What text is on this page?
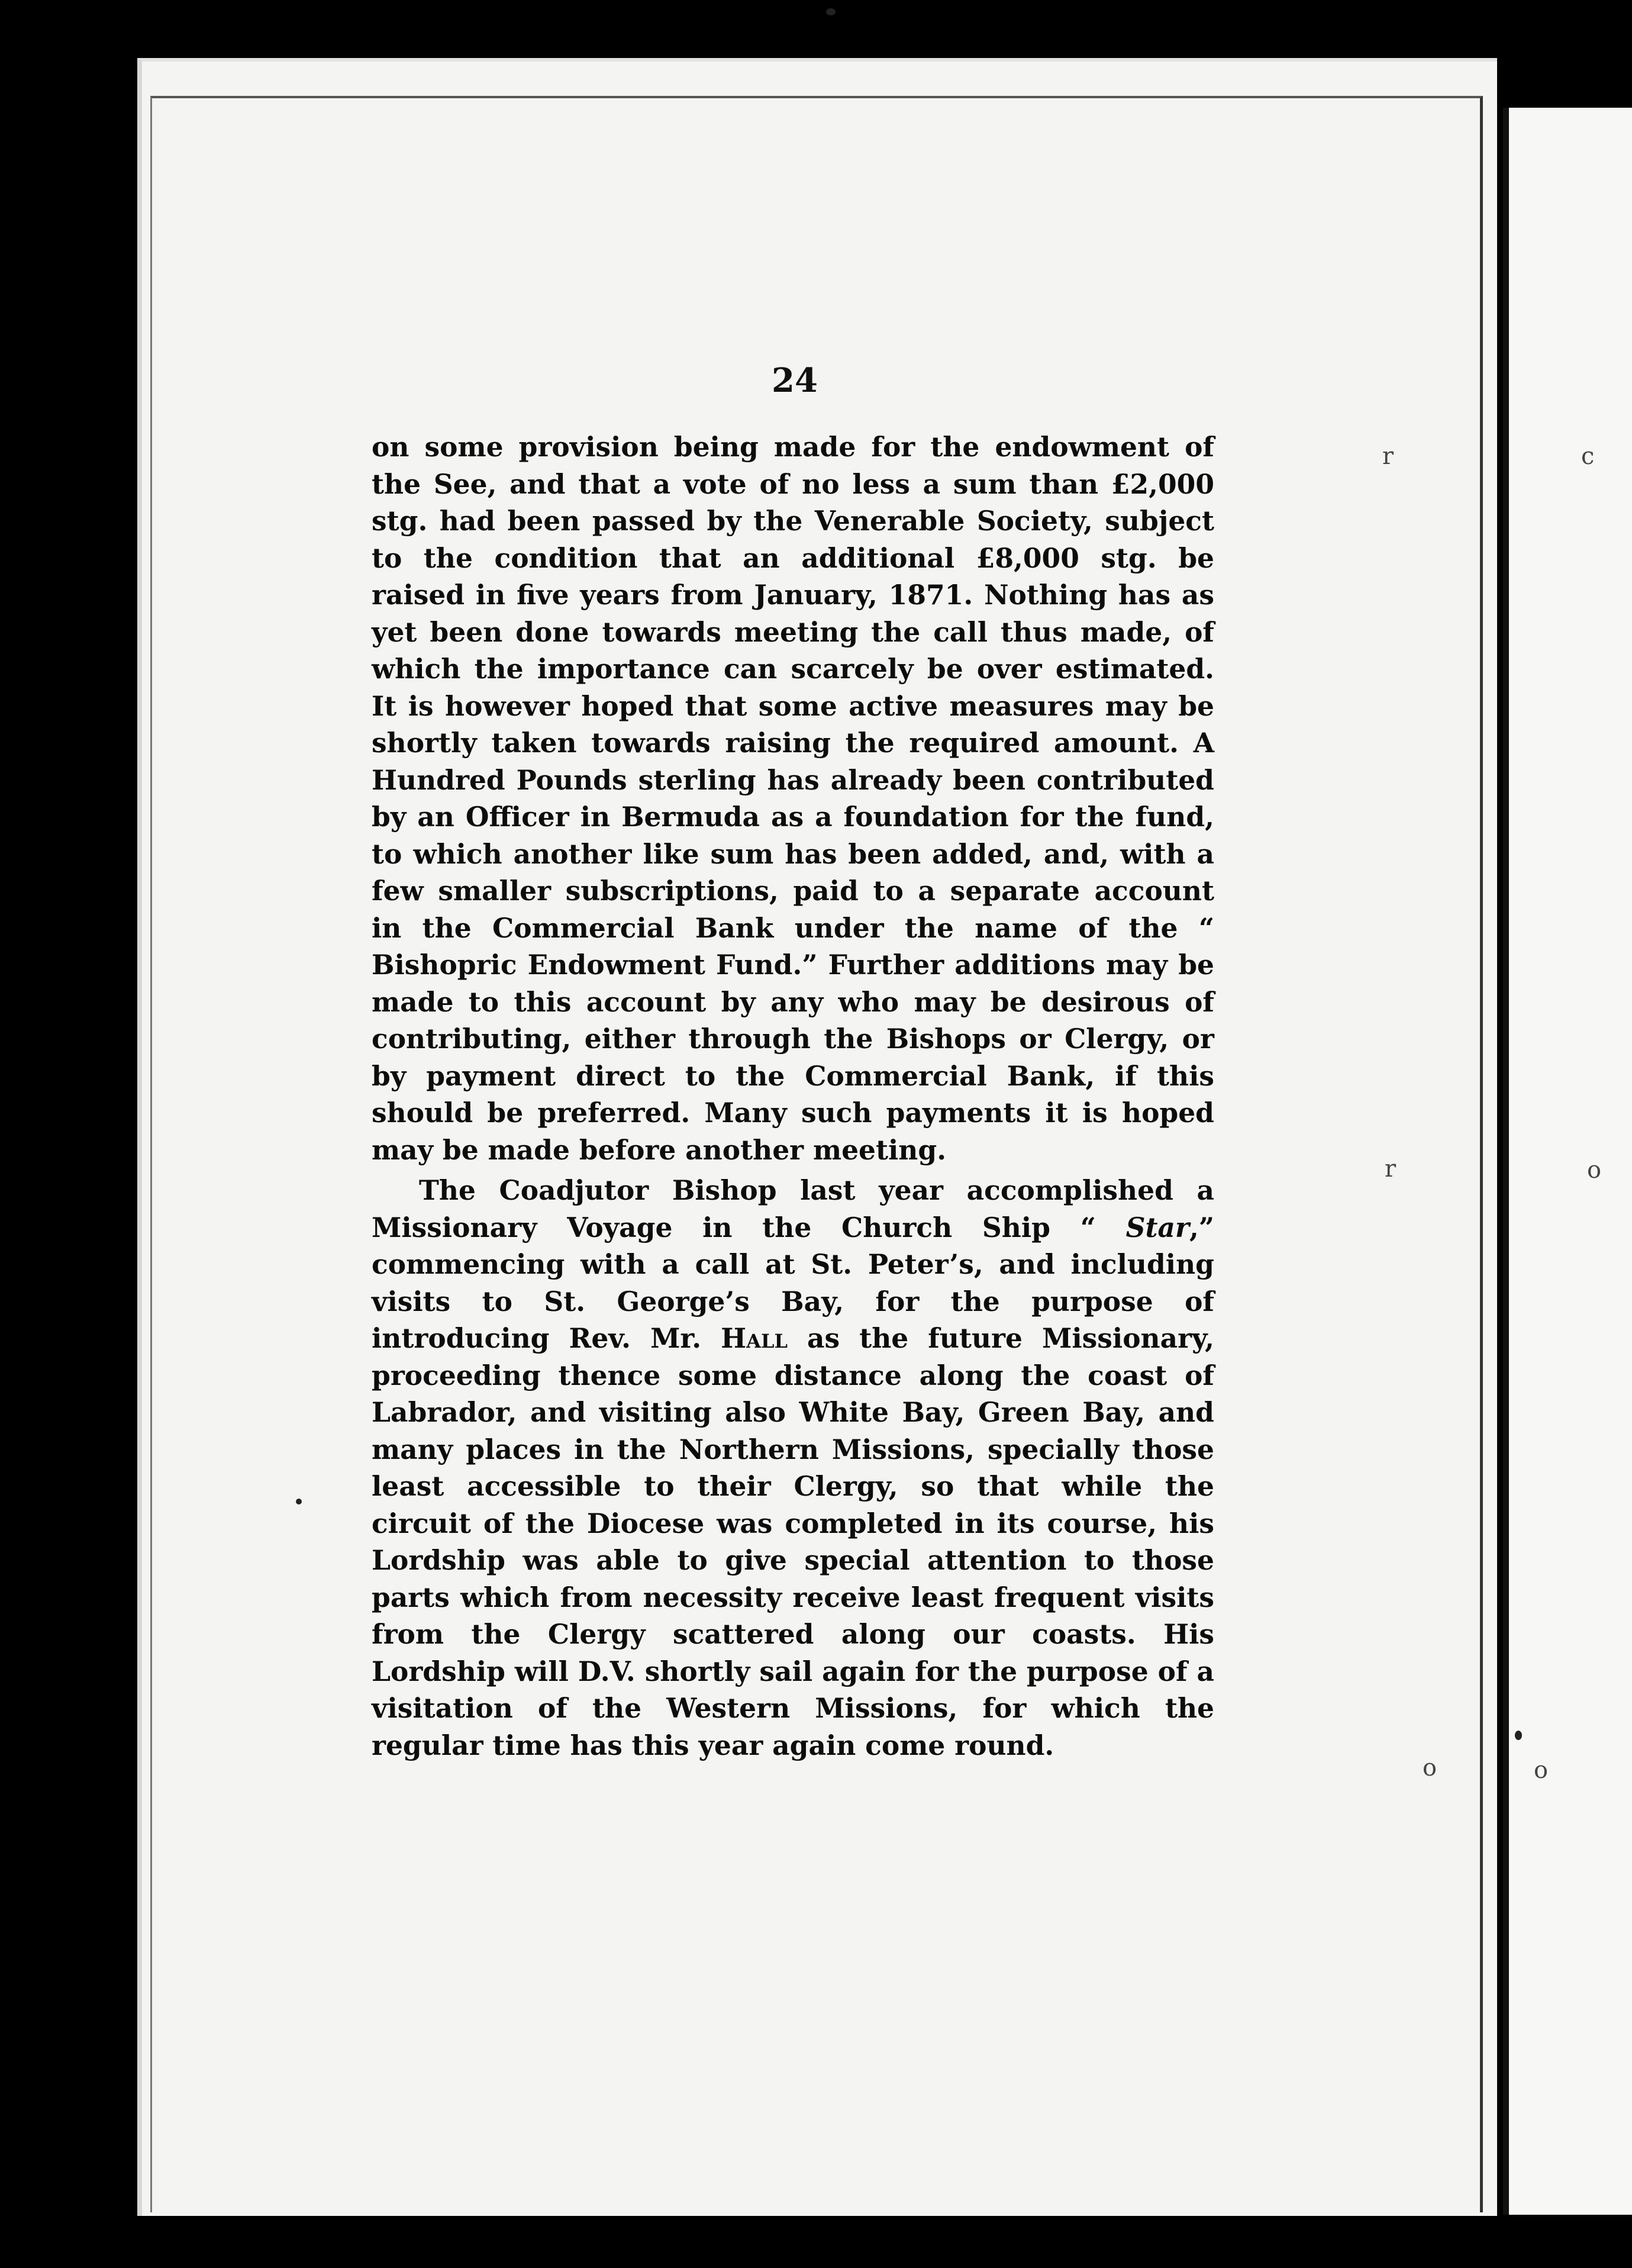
r	c
r	o
o	o
24

on some provision being made for the endowment of the See, and that a vote of no less a sum than £2,000 stg. had been passed by the Venerable Society, subject to the condition that an additional £8,000 stg. be raised in five years from January, 1871. Nothing has as yet been done towards meeting the call thus made, of which the importance can scarcely be over estimated. It is however hoped that some active measures may be shortly taken towards raising the required amount. A Hundred Pounds sterling has already been contributed by an Officer in Bermuda as a foundation for the fund, to which another like sum has been added, and, with a few smaller subscriptions, paid to a separate account in the Commercial Bank under the name of the “ Bishopric Endowment Fund.” Further additions may be made to this account by any who may be desirous of contributing, either through the Bishops or Clergy, or by payment direct to the Commercial Bank, if this should be preferred. Many such payments it is hoped may be made before another meeting.

The Coadjutor Bishop last year accomplished a Missionary Voyage in the Church Ship “ Star,” commencing with a call at St. Peter’s, and including visits to St. George’s Bay, for the purpose of introducing Rev. Mr. Hall as the future Missionary, proceeding thence some distance along the coast of Labrador, and visiting also White Bay, Green Bay, and many places in the Northern Missions, specially those least accessible to their Clergy, so that while the circuit of the Diocese was completed in its course, his Lordship was able to give special attention to those parts which from necessity receive least frequent visits from the Clergy scattered along our coasts. His Lordship will D.V. shortly sail again for the purpose of a visitation of the Western Missions, for which the regular time has this year again come round.
